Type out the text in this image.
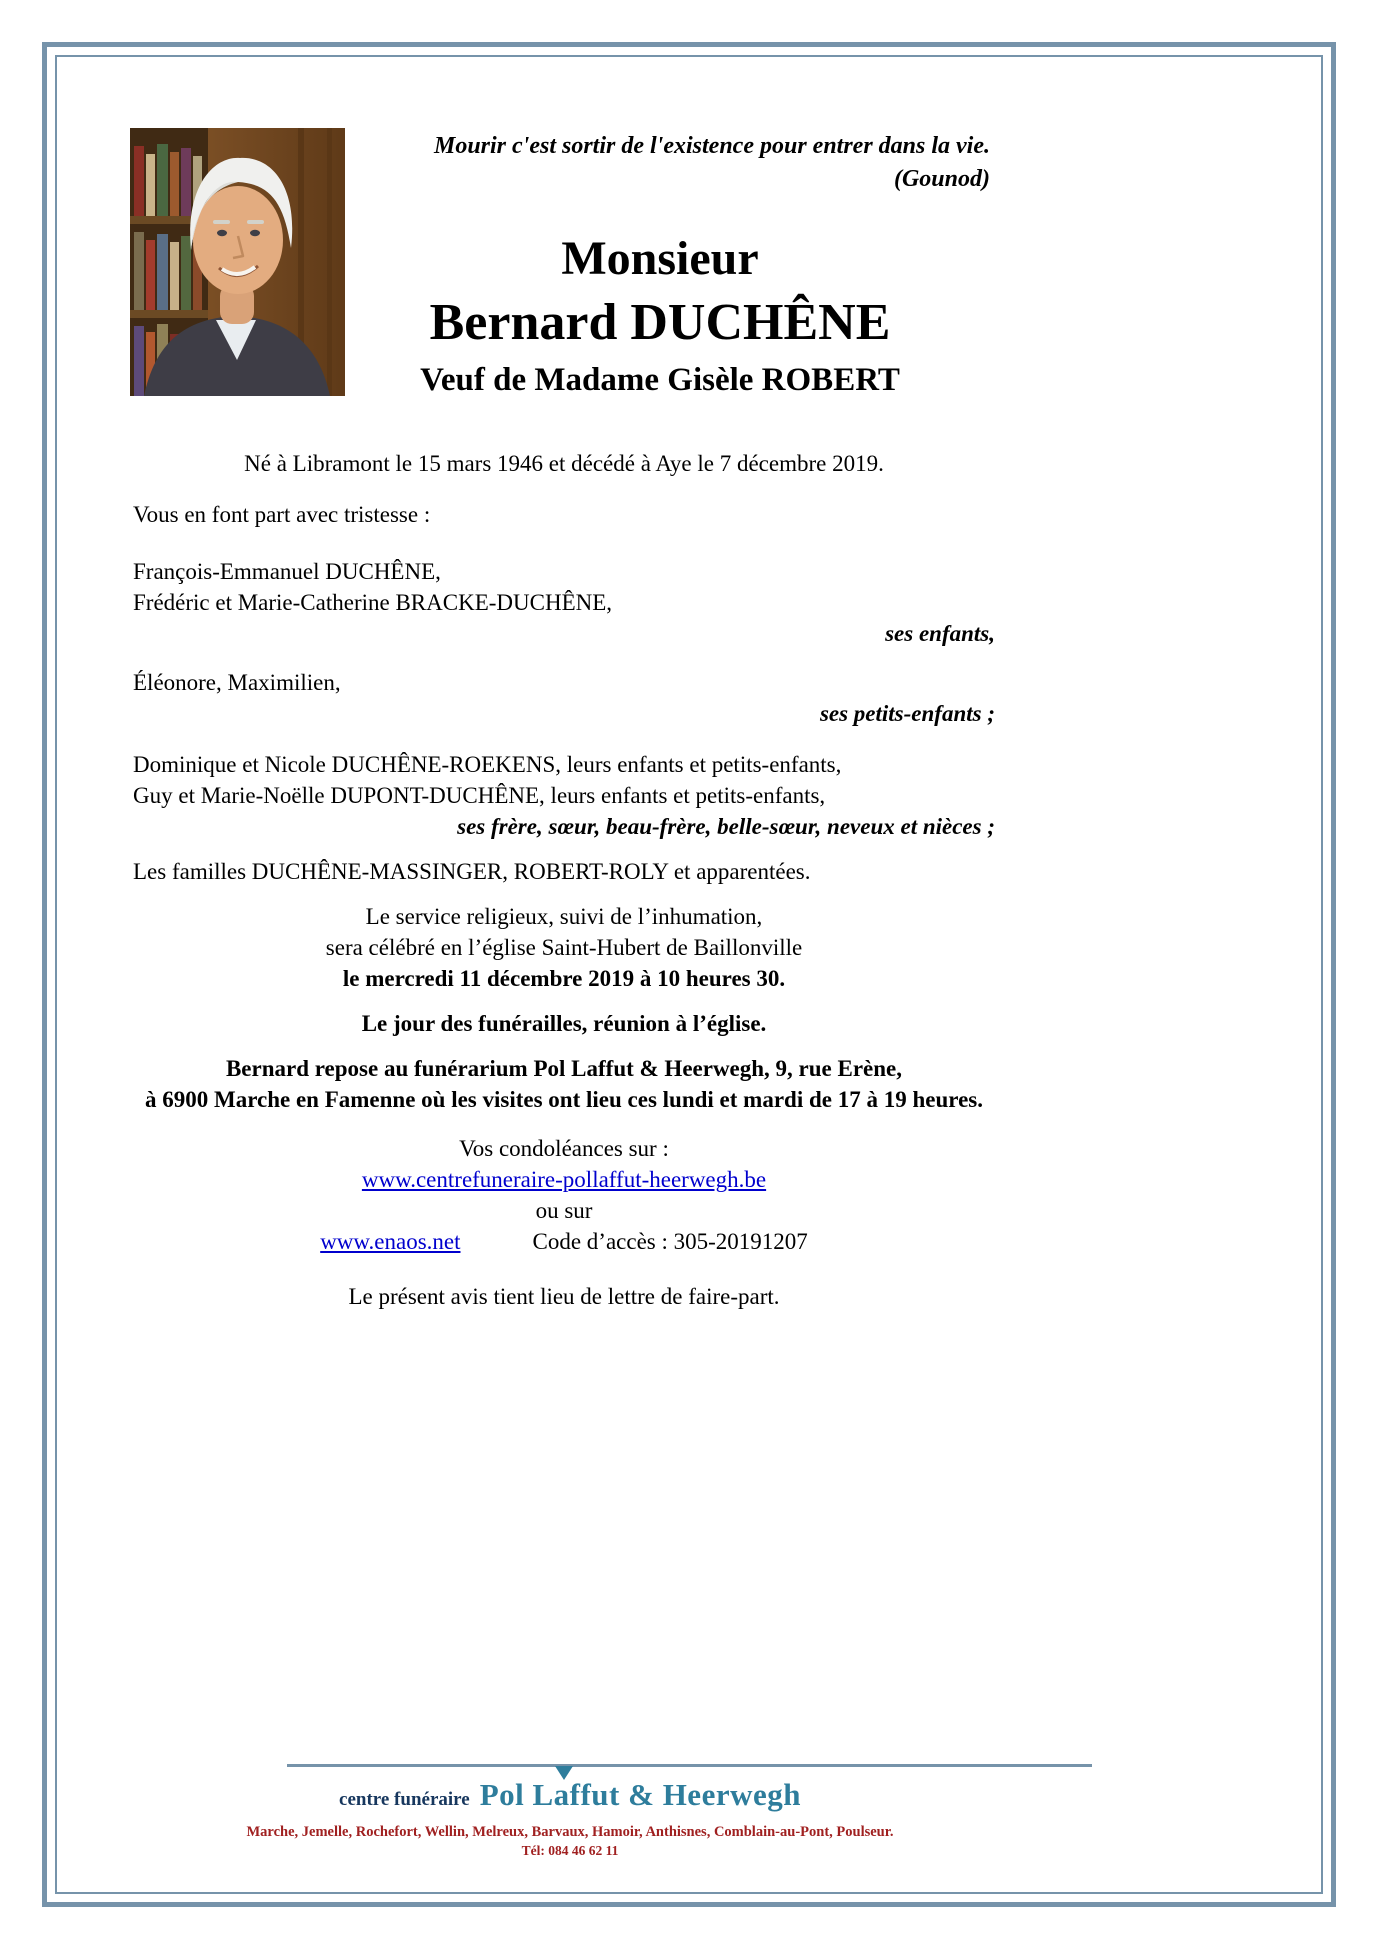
Mourir c'est sortir de l'existence pour entrer dans la vie.
(Gounod)
Monsieur
Bernard DUCHÊNE
Veuf de Madame Gisèle ROBERT

Né à Libramont le 15 mars 1946 et décédé à Aye le 7 décembre 2019.

Vous en font part avec tristesse :

François-Emmanuel DUCHÊNE,
Frédéric et Marie-Catherine BRACKE-DUCHÊNE,
ses enfants,
Éléonore, Maximilien,
ses petits-enfants ;
Dominique et Nicole DUCHÊNE-ROEKENS, leurs enfants et petits-enfants,
Guy et Marie-Noëlle DUPONT-DUCHÊNE, leurs enfants et petits-enfants,
ses frère, sœur, beau-frère, belle-sœur, neveux et nièces ;

Les familles DUCHÊNE-MASSINGER, ROBERT-ROLY et apparentées.

Le service religieux, suivi de l’inhumation,
sera célébré en l’église Saint-Hubert de Baillonville
le mercredi 11 décembre 2019 à 10 heures 30.

Le jour des funérailles, réunion à l’église.

Bernard repose au funérarium Pol Laffut & Heerwegh, 9, rue Erène,
à 6900 Marche en Famenne où les visites ont lieu ces lundi et mardi de 17 à 19 heures.
Vos condoléances sur :
www.centrefuneraire-pollaffut-heerwegh.be
ou sur
www.enaos.net	Code d’accès : 305-20191207

Le présent avis tient lieu de lettre de faire-part.

centre funéraire Pol Laffut & Heerwegh
Marche, Jemelle, Rochefort, Wellin, Melreux, Barvaux, Hamoir, Anthisnes, Comblain-au-Pont, Poulseur.
Tél: 084 46 62 11
